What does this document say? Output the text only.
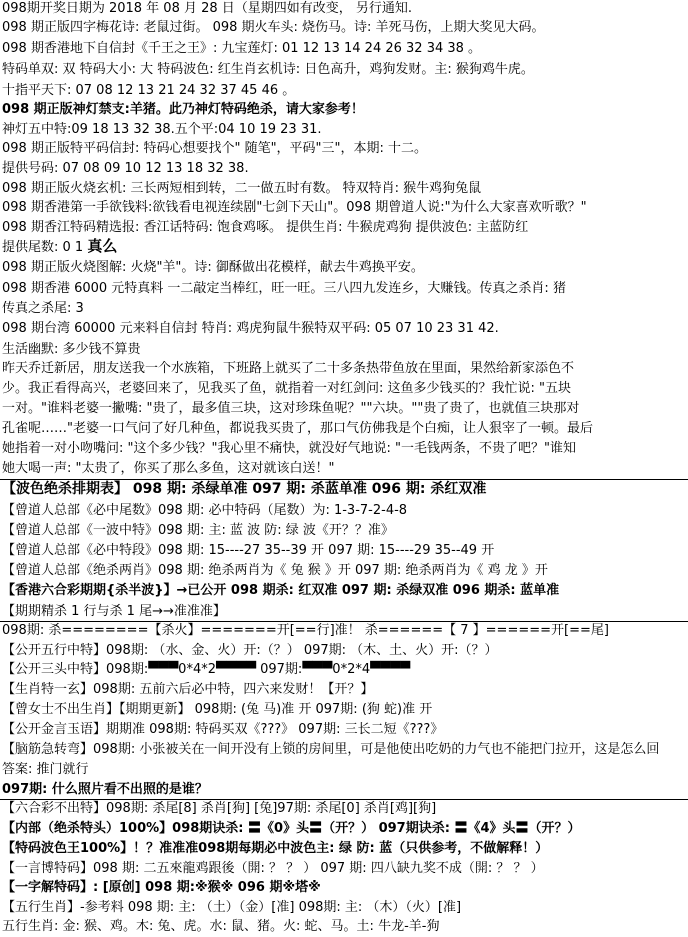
098期开奖日期为 2018 年 08 月 28 日（星期四如有改变， 另行通知.
098 期正版四字梅花诗: 老鼠过街。 098 期火车头: 烧伤马。诗: 羊死马伤，上期大奖见大码。
098 期香港地下自信封《千王之王》: 九宝莲灯: 01 12 13 14 24 26 32 34 38 。
特码单双: 双 特码大小: 大 特码波色: 红生肖玄机诗: 日色高升，鸡狗发财。主: 猴狗鸡牛虎。
十指平天下: 07 08 12 13 21 24 32 37 45 46 。
098 期正版神灯禁支:羊猪。此乃神灯特码绝杀，请大家参考！
神灯五中特:09 18 13 32 38.五个平:04 10 19 23 31.
098 期正版特平码信封: 特码心想要找个" 随笔"，平码"三"，本期: 十二。
提供号码: 07 08 09 10 12 13 18 32 38.
098 期正版火烧玄机: 三长两短相到转，二一做五时有数。 特双特肖: 猴牛鸡狗兔鼠
098 期香港第一手欲钱料:欲钱看电视连续剧"七剑下天山"。098 期曾道人说:"为什么大家喜欢听歌？"
098 期香江特码精选报: 香江话特码: 饱食鸡啄。 提供生肖: 牛猴虎鸡狗 提供波色: 主蓝防红
提供尾数: 0 1 真么
098 期正版火烧图解: 火烧"羊"。诗: 御酥做出花模样，献去牛鸡换平安。
098 期香港 6000 元特真料 一二敲定当棒红，旺一旺。三八四九发连乡，大赚钱。传真之杀肖: 猪
传真之杀尾: 3
098 期台湾 60000 元来料自信封 特肖: 鸡虎狗鼠牛猴特双平码: 05 07 10 23 31 42.
生活幽默: 多少钱不算贵
昨天乔迁新居，朋友送我一个水族箱，下班路上就买了二十多条热带鱼放在里面，果然给新家添色不
少。我正看得高兴，老婆回来了，见我买了鱼，就指着一对红剑问: 这鱼多少钱买的？我忙说: "五块
一对。"谁料老婆一撇嘴: "贵了，最多值三块，这对珍珠鱼呢？""六块。""贵了贵了，也就值三块那对
孔雀呢……"老婆一口气问了好几种鱼，都说我买贵了，那口气仿佛我是个白痴，让人狠宰了一顿。最后
她指着一对小吻嘴问: "这个多少钱？"我心里不痛快，就没好气地说: "一毛钱两条，不贵了吧？"谁知
她大喝一声: "太贵了，你买了那么多鱼，这对就该白送！"
【波色绝杀排期表】 098 期: 杀绿单准 097 期: 杀蓝单准 096 期: 杀红双准
【曾道人总部《必中尾数》098 期: 必中特码（尾数）为: 1-3-7-2-4-8
【曾道人总部《一波中特》098 期: 主: 蓝 波 防: 绿 波《开？？准》
【曾道人总部《必中特段》098 期: 15----27 35--39 开 097 期: 15----29 35--49 开
【曾道人总部《绝杀两肖》098 期: 绝杀两肖为《 兔 猴 》开 097 期: 绝杀两肖为《 鸡 龙 》开
【香港六合彩期期{杀半波}】→已公开 098 期杀: 红双准 097 期: 杀绿双准 096 期杀: 蓝单准
【期期精杀 1 行与杀 1 尾→→准准准】
098期: 杀========【杀火】=======开[==行]准！ 杀======【 7 】======开[==尾]
【公开五行中特】098期: （水、金、火）开:（？） 097期: （木、土、火）开:（？）
【公开三头中特】098期:▀▀▀0*4*2▀▀▀▀ 097期:▀▀▀0*2*4▀▀▀▀
【生肖特一玄】098期: 五前六后必中特，四六来发财！【开？】
【曾女士不出生肖】【期期更新】 098期: (兔 马)准 开 097期: (狗 蛇)准 开
【公开金言玉语】期期准 098期: 特码买双《???》 097期: 三长二短《???》
【脑筋急转弯】098期: 小张被关在一间开没有上锁的房间里，可是他使出吃奶的力气也不能把门拉开，这是怎么回
答案: 推门就行
097期: 什么照片看不出照的是谁？
【六合彩不出特】098期: 杀尾[8] 杀肖[狗] [兔]97期: 杀尾[0] 杀肖[鸡][狗]
【内部（绝杀特头）100%】098期诀杀: 〓《0》头〓（开？） 097期诀杀: 〓《4》头〓（开？）
【特码波色王100%】！？准准准098期每期必中波色主: 绿 防: 蓝（只供参考，不做解释！）
【一言博特码】098 期: 二五來龍鸡跟後（開: ？ ？ ） 097 期: 四八缺九奖不成（開: ？ ？ ）
【一字解特码】: [原创] 098 期:※猴※ 096 期※塔※
【五行生肖】-参考料 098 期: 主: （土）（金）[准] 098期: 主: （木）（火）[准]
五行生肖: 金: 猴、鸡。木: 兔、虎。水: 鼠、猪。火: 蛇、马。土: 牛龙-羊-狗
